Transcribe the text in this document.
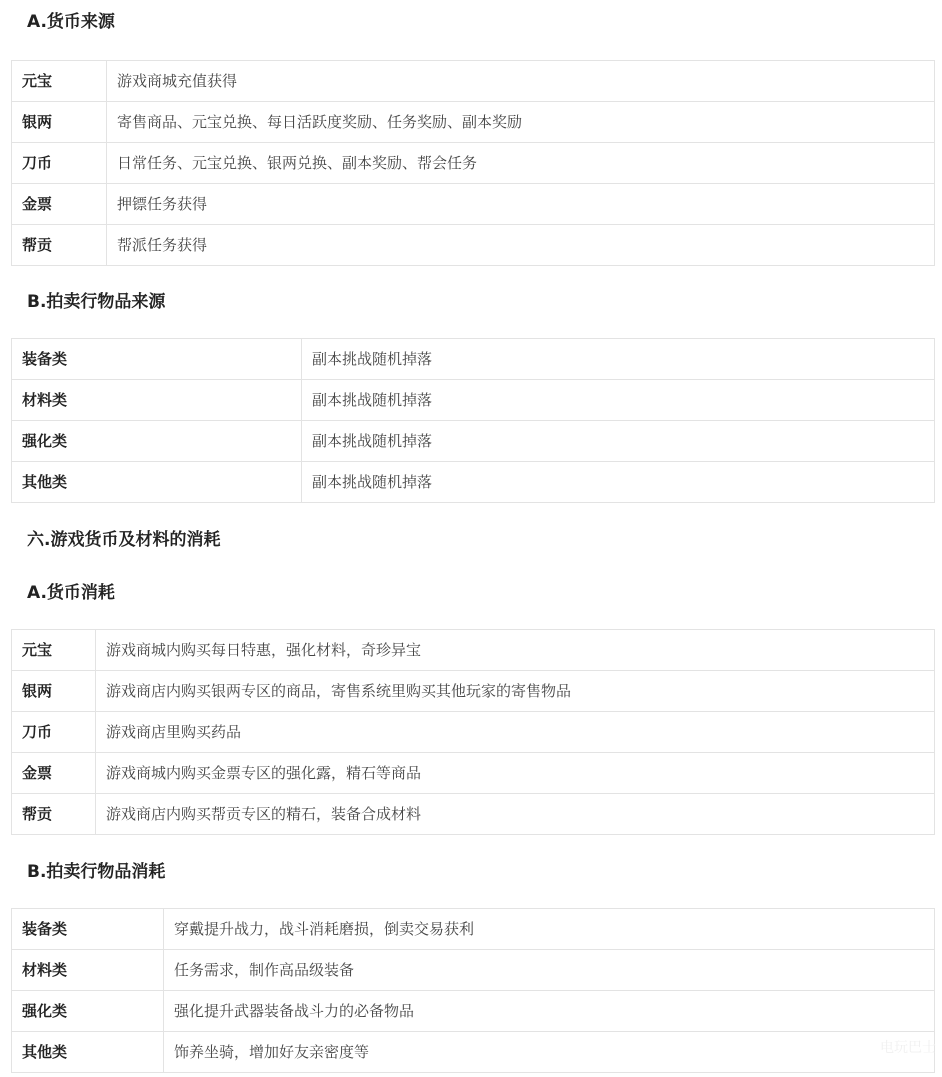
A.货币来源
元宝	游戏商城充值获得
银两	寄售商品、元宝兑换、每日活跃度奖励、任务奖励、副本奖励
刀币	日常任务、元宝兑换、银两兑换、副本奖励、帮会任务
金票	押镖任务获得
帮贡	帮派任务获得
B.拍卖行物品来源
装备类	副本挑战随机掉落
材料类	副本挑战随机掉落
强化类	副本挑战随机掉落
其他类	副本挑战随机掉落
六.游戏货币及材料的消耗
A.货币消耗
元宝	游戏商城内购买每日特惠，强化材料，奇珍异宝
银两	游戏商店内购买银两专区的商品，寄售系统里购买其他玩家的寄售物品
刀币	游戏商店里购买药品
金票	游戏商城内购买金票专区的强化露，精石等商品
帮贡	游戏商店内购买帮贡专区的精石，装备合成材料
B.拍卖行物品消耗
装备类	穿戴提升战力，战斗消耗磨损，倒卖交易获利
材料类	任务需求，制作高品级装备
强化类	强化提升武器装备战斗力的必备物品
其他类	饰养坐骑，增加好友亲密度等	电玩巴士
